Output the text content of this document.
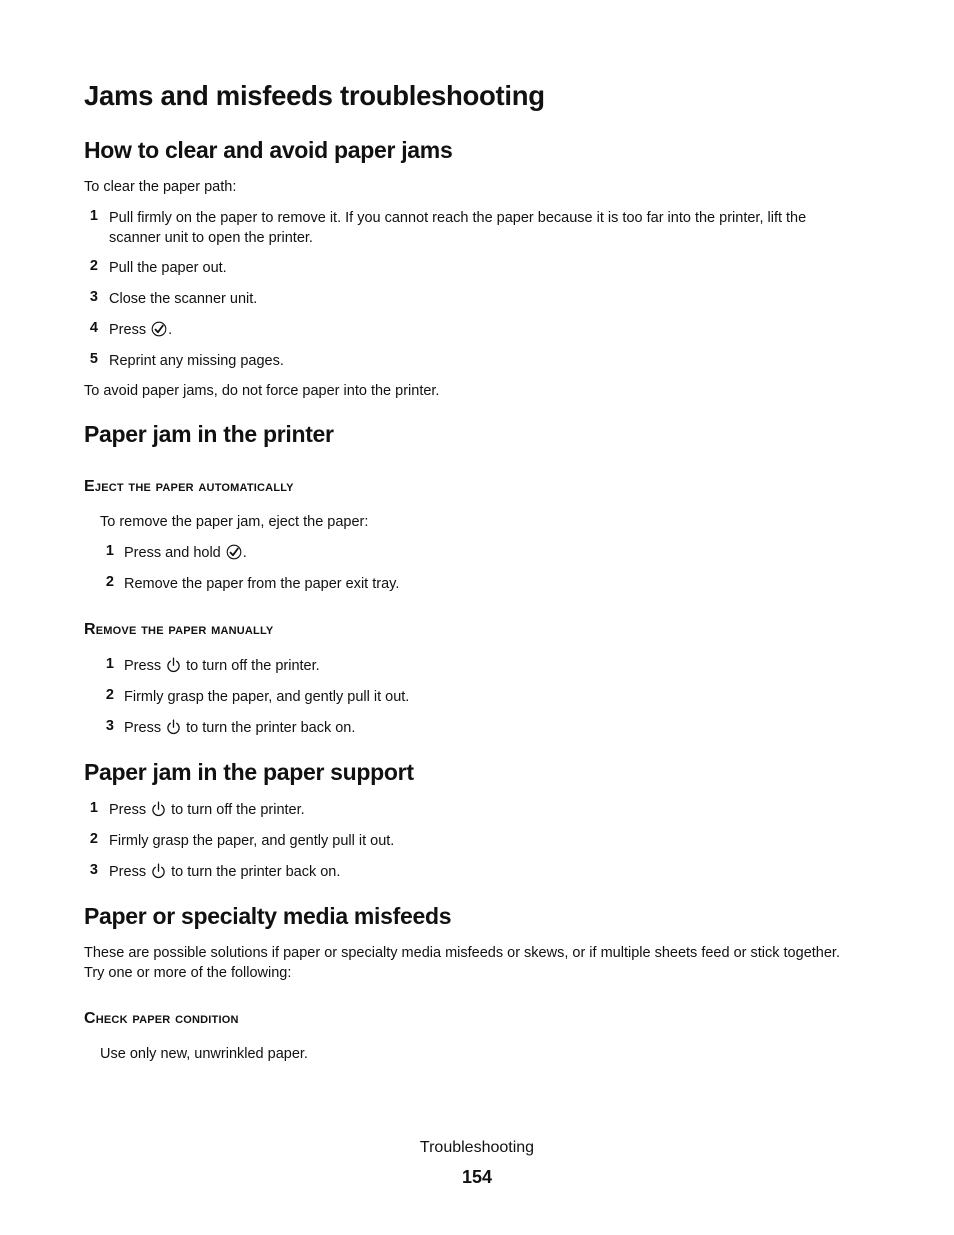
Jams and misfeeds troubleshooting
How to clear and avoid paper jams

To clear the paper path:

1 Pull firmly on the paper to remove it. If you cannot reach the paper because it is too far into the printer, lift the
scanner unit to open the printer.
2 Pull the paper out.
3 Close the scanner unit.
4 Press .
5 Reprint any missing pages.

To avoid paper jams, do not force paper into the printer.

Paper jam in the printer
Eject the paper automatically

To remove the paper jam, eject the paper:

1 Press and hold .
2 Remove the paper from the paper exit tray.
Remove the paper manually
1 Press to turn off the printer.
2 Firmly grasp the paper, and gently pull it out.
3 Press to turn the printer back on.
Paper jam in the paper support
1 Press to turn off the printer.
2 Firmly grasp the paper, and gently pull it out.
3 Press to turn the printer back on.
Paper or specialty media misfeeds

These are possible solutions if paper or specialty media misfeeds or skews, or if multiple sheets feed or stick together.
Try one or more of the following:

Check paper condition

Use only new, unwrinkled paper.

Troubleshooting
154
